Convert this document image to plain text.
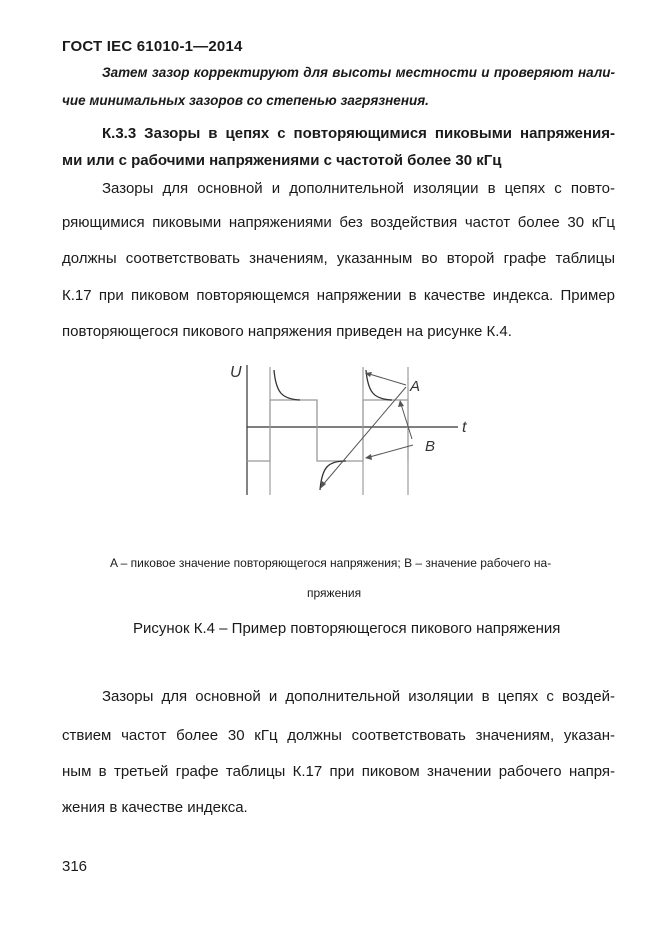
ГОСТ IEC 61010-1—2014
Затем зазор корректируют для высоты местности и проверяют нали-
чие минимальных зазоров со степенью загрязнения.
К.3.3 Зазоры в цепях с повторяющимися пиковыми напряжения-
ми или с рабочими напряжениями с частотой более 30 кГц
Зазоры для основной и дополнительной изоляции в цепях с повто-
ряющимися пиковыми напряжениями без воздействия частот более 30 кГц
должны соответствовать значениям, указанным во второй графе таблицы
К.17 при пиковом повторяющемся напряжении в качестве индекса. Пример
повторяющегося пикового напряжения приведен на рисунке К.4.
U
t
A
B
A – пиковое значение повторяющегося напряжения; B – значение рабочего на-
пряжения
Рисунок К.4 – Пример повторяющегося пикового напряжения
Зазоры для основной и дополнительной изоляции в цепях с воздей-
ствием частот более 30 кГц должны соответствовать значениям, указан-
ным в третьей графе таблицы К.17 при пиковом значении рабочего напря-
жения в качестве индекса.
316
